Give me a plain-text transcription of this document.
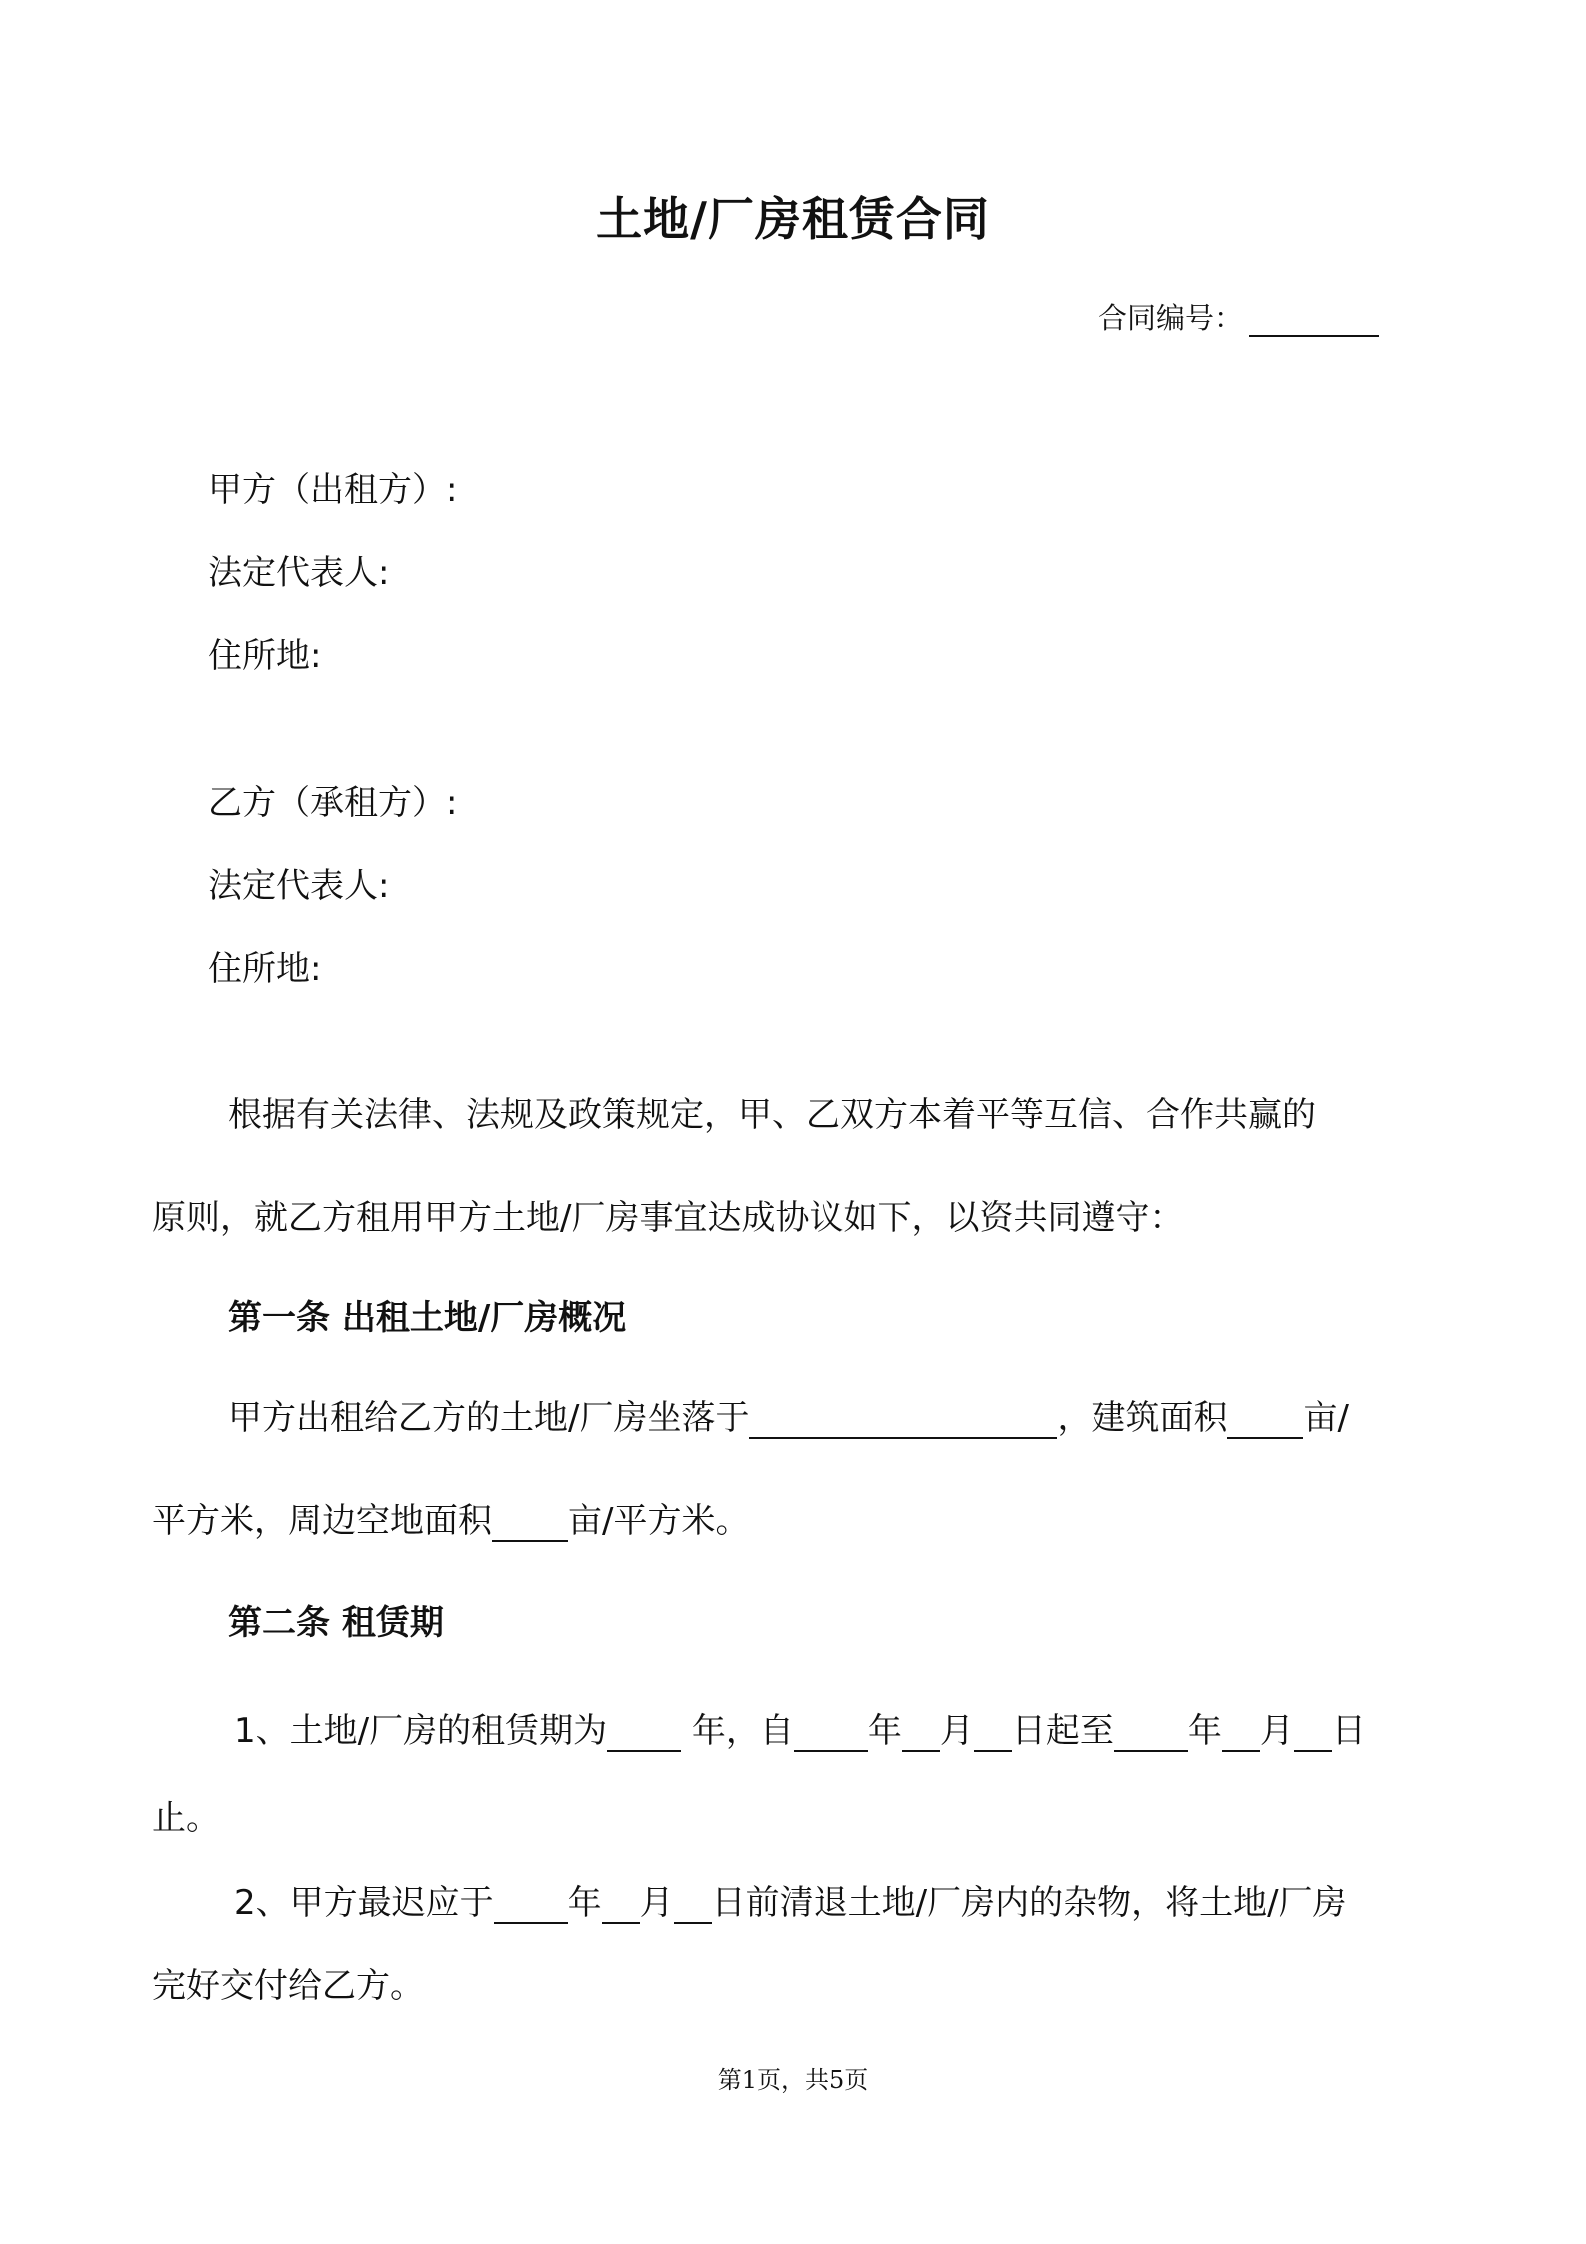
土地/厂房租赁合同
合同编号：
甲方（出租方）:
法定代表人:
住所地:
乙方（承租方）:
法定代表人:
住所地:
根据有关法律、法规及政策规定，甲、乙双方本着平等互信、合作共赢的
原则，就乙方租用甲方土地/厂房事宜达成协议如下，以资共同遵守：
第一条 出租土地/厂房概况
甲方出租给乙方的土地/厂房坐落于	，建筑面积 亩/
平方米，周边空地面积 亩/平方米。
第二条 租赁期
1、土地/厂房的租赁期为 年，自 年 月 日起至 年 月 日
止。
2、甲方最迟应于 年 月 日前清退土地/厂房内的杂物，将土地/厂房
完好交付给乙方。
第1页，共5页
